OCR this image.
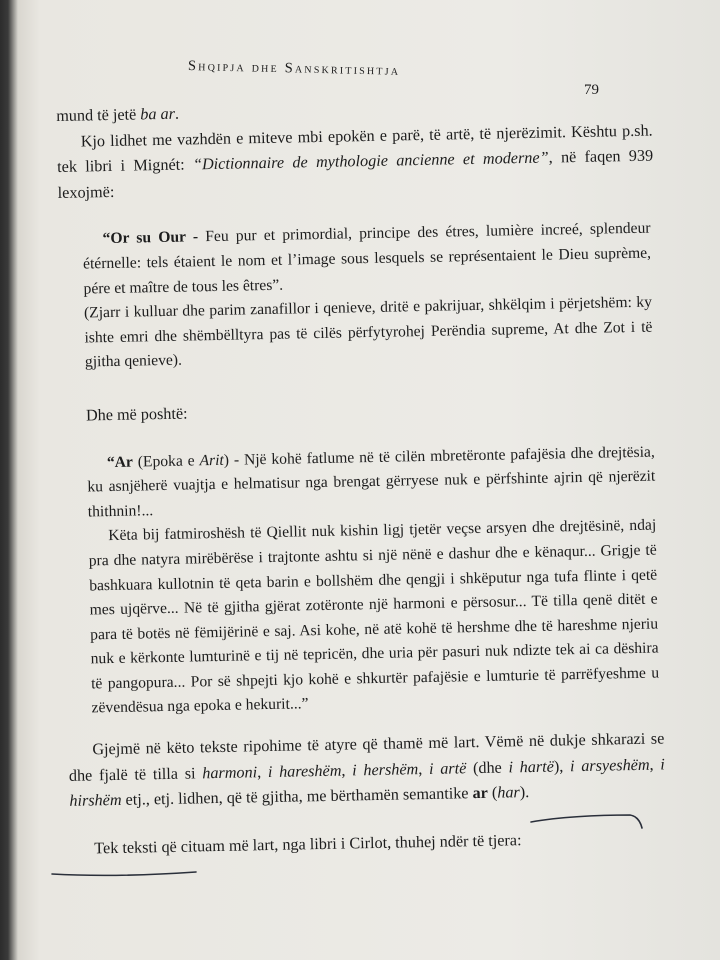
Shqipja dhe Sanskritishtja
79

mund të jetë ba ar.

Kjo lidhet me vazhdën e miteve mbi epokën e parë, të artë, të njerëzimit. Kështu p.sh. tek libri i Mignét: “Dictionnaire de mythologie ancienne et moderne”, në faqen 939 lexojmë:

“Or su Our - Feu pur et primordial, principe des étres, lumière increé, splendeur étérnelle: tels étaient le nom et l’image sous lesquels se représentaient le Dieu suprème, pére et maître de tous les êtres”.

(Zjarr i kulluar dhe parim zanafillor i qenieve, dritë e pakrijuar, shkëlqim i përjetshëm: ky ishte emri dhe shëmbëlltyra pas të cilës përfytyrohej Perëndia supreme, At dhe Zot i të gjitha qenieve).

Dhe më poshtë:

“Ar (Epoka e Arit) - Një kohë fatlume në të cilën mbretëronte pafajësia dhe drejtësia, ku asnjëherë vuajtja e helmatisur nga brengat gërryese nuk e përfshinte ajrin që njerëzit thithnin!...

Këta bij fatmiroshësh të Qiellit nuk kishin ligj tjetër veçse arsyen dhe drejtësinë, ndaj pra dhe natyra mirëbërëse i trajtonte ashtu si një nënë e dashur dhe e kënaqur... Grigje të bashkuara kullotnin të qeta barin e bollshëm dhe qengji i shkëputur nga tufa flinte i qetë mes ujqërve... Në të gjitha gjërat zotëronte një harmoni e përsosur... Të tilla qenë ditët e para të botës në fëmijërinë e saj. Asi kohe, në atë kohë të hershme dhe të hareshme njeriu nuk e kërkonte lumturinë e tij në tepricën, dhe uria për pasuri nuk ndizte tek ai ca dëshira të pangopura... Por së shpejti kjo kohë e shkurtër pafajësie e lumturie të parrëfyeshme u zëvendësua nga epoka e hekurit...”

Gjejmë në këto tekste ripohime të atyre që thamë më lart. Vëmë në dukje shkarazi se dhe fjalë të tilla si harmoni, i hareshëm, i hershëm, i artë (dhe i hartë), i arsyeshëm, i hirshëm etj., etj. lidhen, që të gjitha, me bërthamën semantike ar (har).

Tek teksti që cituam më lart, nga libri i Cirlot, thuhej ndër të tjera:
